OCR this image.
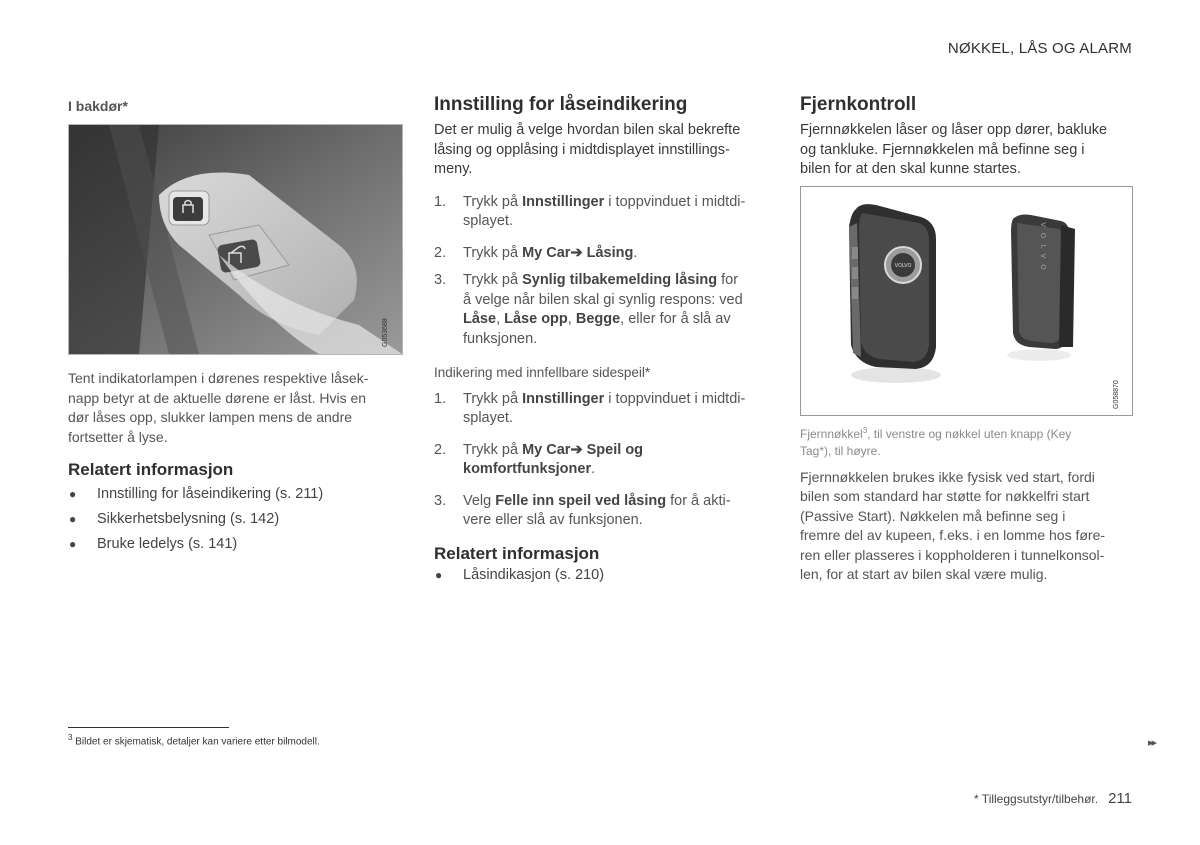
NØKKEL, LÅS OG ALARM
I bakdør*
G053688

Tent indikatorlampen i dørenes respektive låsek-

napp betyr at de aktuelle dørene er låst. Hvis en

dør låses opp, slukker lampen mens de andre

fortsetter å lyse.

Relatert informasjon
● Innstilling for låseindikering (s. 211)
● Sikkerhetsbelysning (s. 142)
● Bruke ledelys (s. 141)
Innstilling for låseindikering

Det er mulig å velge hvordan bilen skal bekrefte

låsing og opplåsing i midtdisplayet innstillings-

meny.

1. Trykk på Innstillinger i toppvinduet i midtdi-
splayet.
2. Trykk på My Car➔ Låsing.
3. Trykk på Synlig tilbakemelding låsing for
å velge når bilen skal gi synlig respons: ved
Låse, Låse opp, Begge, eller for å slå av
funksjonen.

Indikering med innfellbare sidespeil*

1. Trykk på Innstillinger i toppvinduet i midtdi-
splayet.
2. Trykk på My Car➔ Speil og
komfortfunksjoner.
3. Velg Felle inn speil ved låsing for å akti-
vere eller slå av funksjonen.
Relatert informasjon
● Låsindikasjon (s. 210)
Fjernkontroll

Fjernnøkkelen låser og låser opp dører, bakluke

og tankluke. Fjernnøkkelen må befinne seg i

bilen for at den skal kunne startes.

VOLVO	VOLVO
G058870

Fjernnøkkel$^3$, til venstre og nøkkel uten knapp (Key
Tag*), til høyre.

Fjernnøkkelen brukes ikke fysisk ved start, fordi

bilen som standard har støtte for nøkkelfri start

(Passive Start). Nøkkelen må befinne seg i

fremre del av kupeen, f.eks. i en lomme hos føre-

ren eller plasseres i koppholderen i tunnelkonsol-

len, for at start av bilen skal være mulig.

$^3$ Bildet er skjematisk, detaljer kan variere etter bilmodell.	▸▸
* Tilleggsutstyr/tilbehør. 211
